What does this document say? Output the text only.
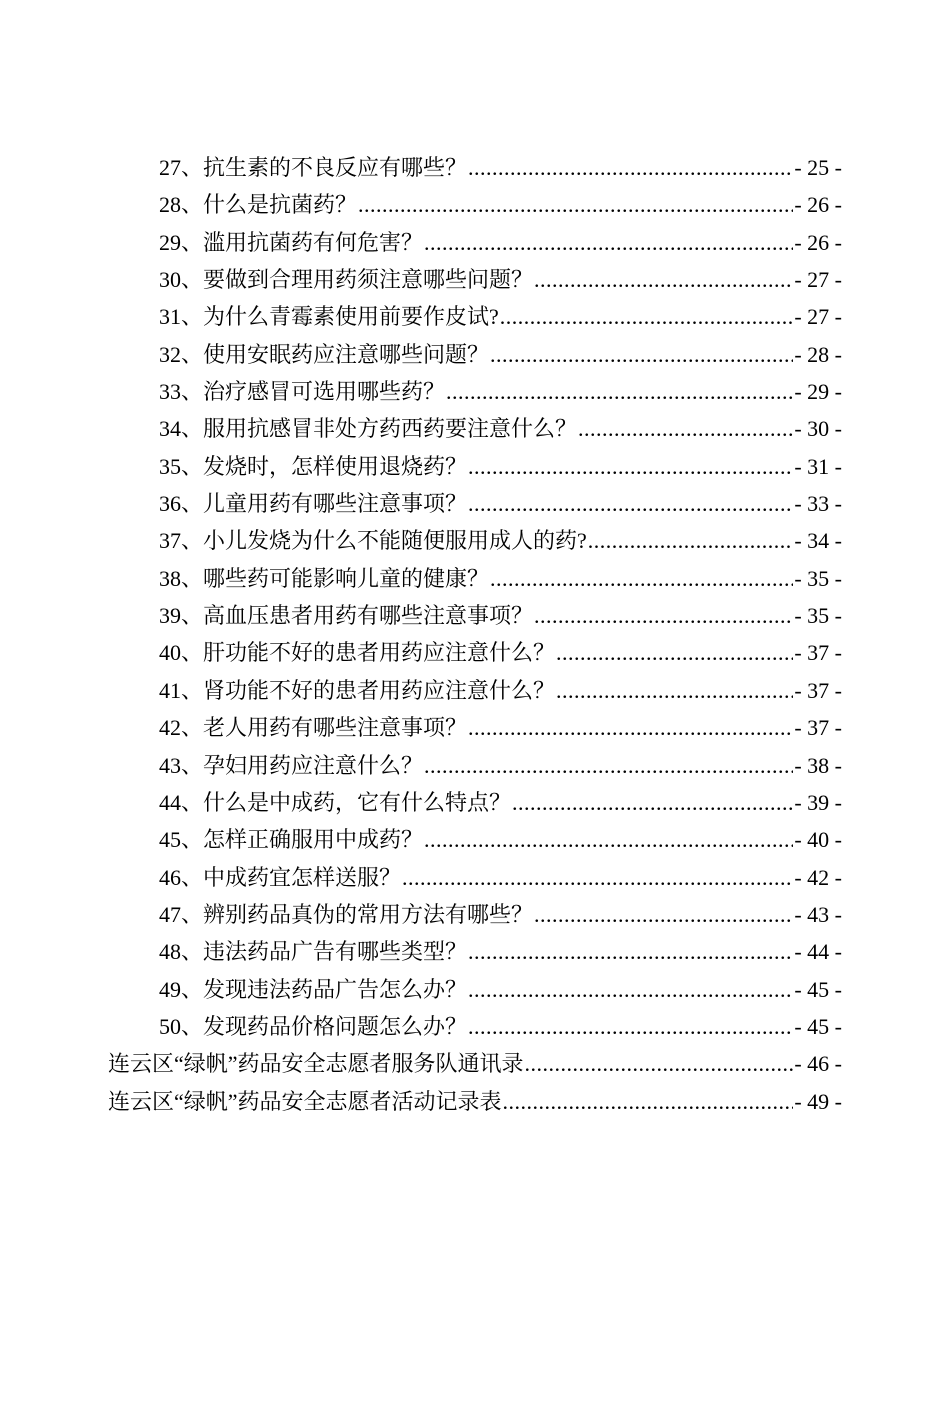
27、抗生素的不良反应有哪些？ .....	- 25 -
28、什么是抗菌药？ .....	- 26 -
29、滥用抗菌药有何危害？ .....	- 26 -
30、要做到合理用药须注意哪些问题？ .....	- 27 -
31、为什么青霉素使用前要作皮试? .....	- 27 -
32、使用安眠药应注意哪些问题？ .....	- 28 -
33、治疗感冒可选用哪些药？ .....	- 29 -
34、服用抗感冒非处方药西药要注意什么？ .....	- 30 -
35、发烧时，怎样使用退烧药？ .....	- 31 -
36、儿童用药有哪些注意事项？ .....	- 33 -
37、小儿发烧为什么不能随便服用成人的药? .....	- 34 -
38、哪些药可能影响儿童的健康？ .....	- 35 -
39、高血压患者用药有哪些注意事项？ .....	- 35 -
40、肝功能不好的患者用药应注意什么？ .....	- 37 -
41、肾功能不好的患者用药应注意什么？ .....	- 37 -
42、老人用药有哪些注意事项？ .....	- 37 -
43、孕妇用药应注意什么？ .....	- 38 -
44、什么是中成药，它有什么特点？ .....	- 39 -
45、怎样正确服用中成药？ .....	- 40 -
46、中成药宜怎样送服？ .....	- 42 -
47、辨别药品真伪的常用方法有哪些？ .....	- 43 -
48、违法药品广告有哪些类型？ .....	- 44 -
49、发现违法药品广告怎么办？ .....	- 45 -
50、发现药品价格问题怎么办？ .....	- 45 -
连云区“绿帆”药品安全志愿者服务队通讯录 .....	- 46 -
连云区“绿帆”药品安全志愿者活动记录表 .....	- 49 -
